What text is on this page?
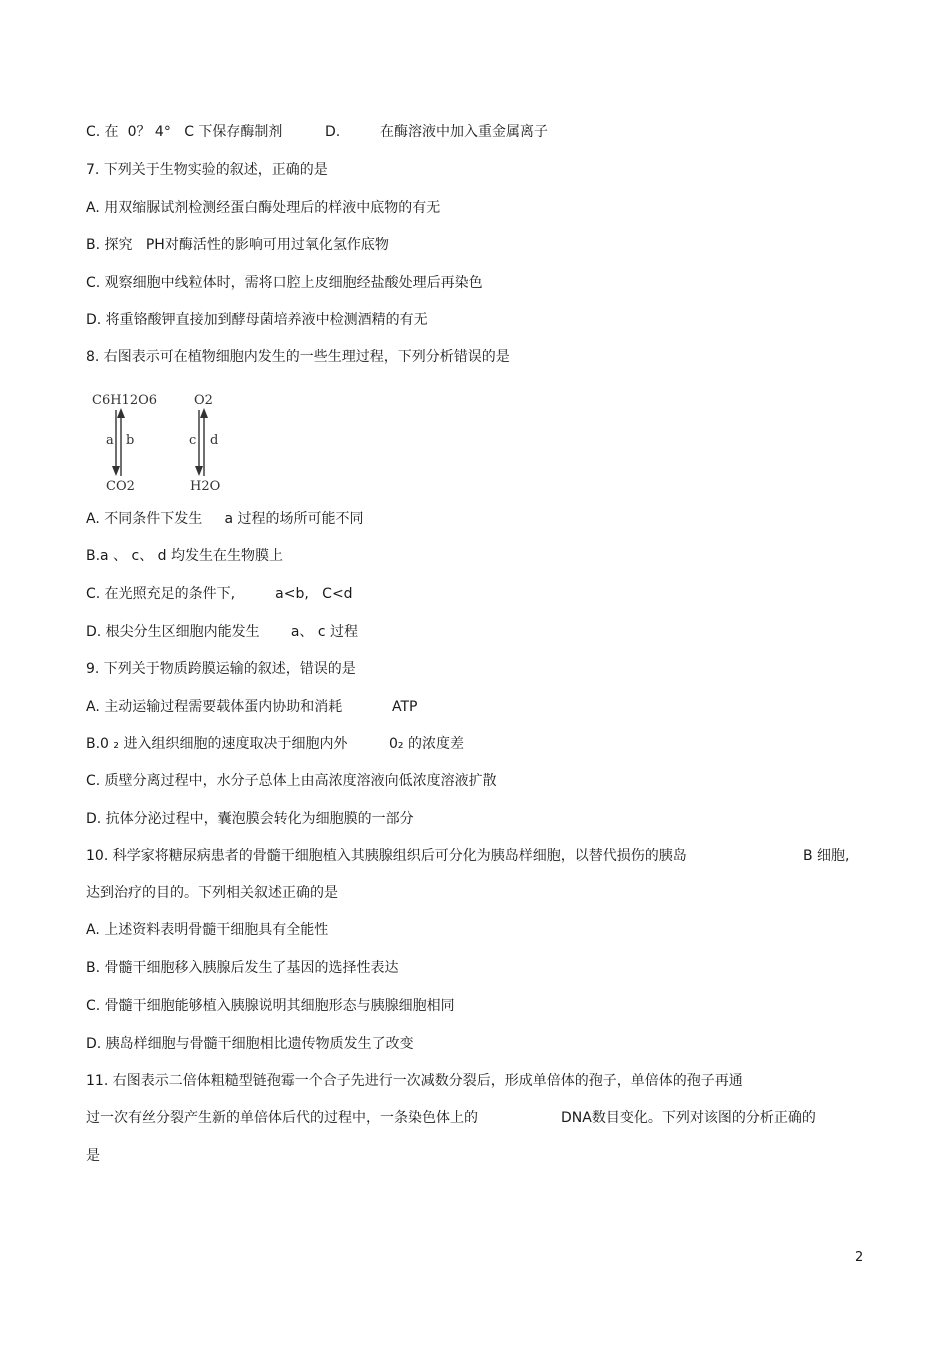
C. 在  0？ 4°   C 下保存酶制剂	D.	在酶溶液中加入重金属离子
7. 下列关于生物实验的叙述，正确的是
A. 用双缩脲试剂检测经蛋白酶处理后的样液中底物的有无
B. 探究   PH对酶活性的影响可用过氧化氢作底物
C. 观察细胞中线粒体时，需将口腔上皮细胞经盐酸处理后再染色
D. 将重铬酸钾直接加到酵母菌培养液中检测酒精的有无
8. 右图表示可在植物细胞内发生的一些生理过程，下列分析错误的是
C6H12O6
a b
CO2
O2
c d
H2O
A. 不同条件下发生     a 过程的场所可能不同
B.a 、 c、 d 均发生在生物膜上
C. 在光照充足的条件下,         a<b,   C<d
D. 根尖分生区细胞内能发生       a、 c 过程
9. 下列关于物质跨膜运输的叙述，错误的是
A. 主动运输过程需要载体蛋内协助和消耗	ATP
B.0 ₂ 进入组织细胞的速度取决于细胞内外	0₂ 的浓度差
C. 质壁分离过程中，水分子总体上由高浓度溶液向低浓度溶液扩散
D. 抗体分泌过程中，囊泡膜会转化为细胞膜的一部分
10. 科学家将糖尿病患者的骨髓干细胞植入其胰腺组织后可分化为胰岛样细胞，以替代损伤的胰岛	B 细胞,
达到治疗的目的。下列相关叙述正确的是
A. 上述资料表明骨髓干细胞具有全能性
B. 骨髓干细胞移入胰腺后发生了基因的选择性表达
C. 骨髓干细胞能够植入胰腺说明其细胞形态与胰腺细胞相同
D. 胰岛样细胞与骨髓干细胞相比遗传物质发生了改变
11. 右图表示二倍体粗糙型链孢霉一个合子先进行一次减数分裂后，形成单倍体的孢子，单倍体的孢子再通
过一次有丝分裂产生新的单倍体后代的过程中，一条染色体上的	DNA数目变化。下列对该图的分析正确的
是
2
